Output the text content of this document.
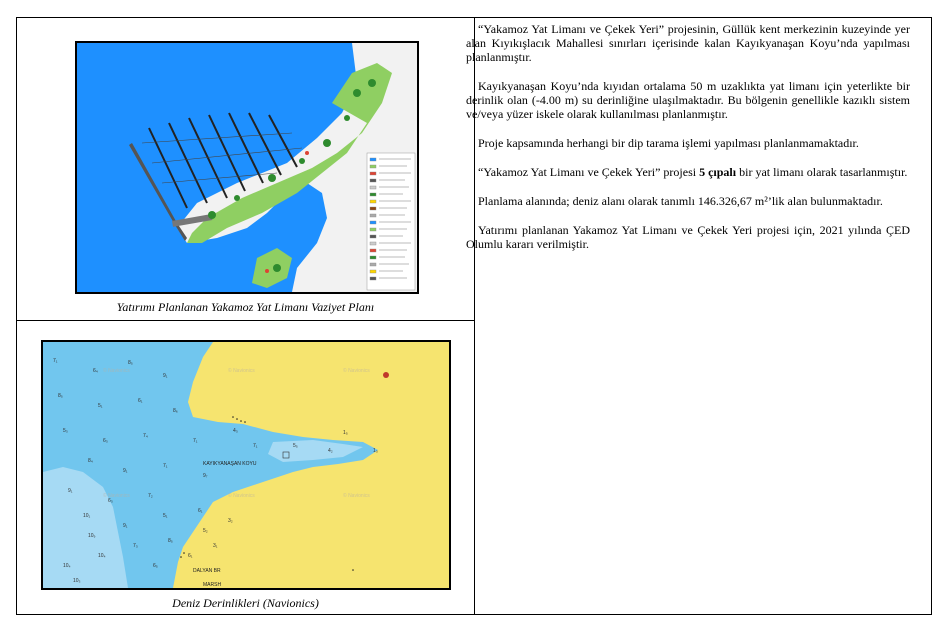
Yatırımı Planlanan Yakamoz Yat Limanı Vaziyet Planı
7₁
6₄
8₅
9₁
8₅
5₁
6₁
8₆
5₃
6₃
7₄
7₁
4₃
7₁	5₅
4₂
8₄
9₁
7₁
9₇
9₁
6₃
7₂
10₁
9₁
5₁
6₁
7₃
10₉
8₅
5₂
3₂
10₄
6₅
10₄
6₁
10₃
3₁
1₃
1₅
KAYIKYANAŞAN KOYU
DALYAN BR
MARSH
© Navionics	© Navionics	© Navionics
© Navionics	© Navionics	© Navionics
Deniz Derinlikleri (Navionics)

“Yakamoz Yat Limanı ve Çekek Yeri” projesinin, Güllük kent merkezinin kuzeyinde yer alan Kıyıkışlacık Mahallesi sınırları içerisinde kalan Kayıkyanaşan Koyu’nda yapılması planlanmıştır.

Kayıkyanaşan Koyu’nda kıyıdan ortalama 50 m uzaklıkta yat limanı için yeterlikte bir derinlik olan (-4.00 m) su derinliğine ulaşılmaktadır. Bu bölgenin genellikle kazıklı sistem ve/veya yüzer iskele olarak kullanılması planlanmıştır.

Proje kapsamında herhangi bir dip tarama işlemi yapılması planlanmamaktadır.

“Yakamoz Yat Limanı ve Çekek Yeri” projesi 5 çıpalı bir yat limanı olarak tasarlanmıştır.

Planlama alanında; deniz alanı olarak tanımlı 146.326,67 m²’lik alan bulunmaktadır.

Yatırımı planlanan Yakamoz Yat Limanı ve Çekek Yeri projesi için, 2021 yılında ÇED Olumlu kararı verilmiştir.
